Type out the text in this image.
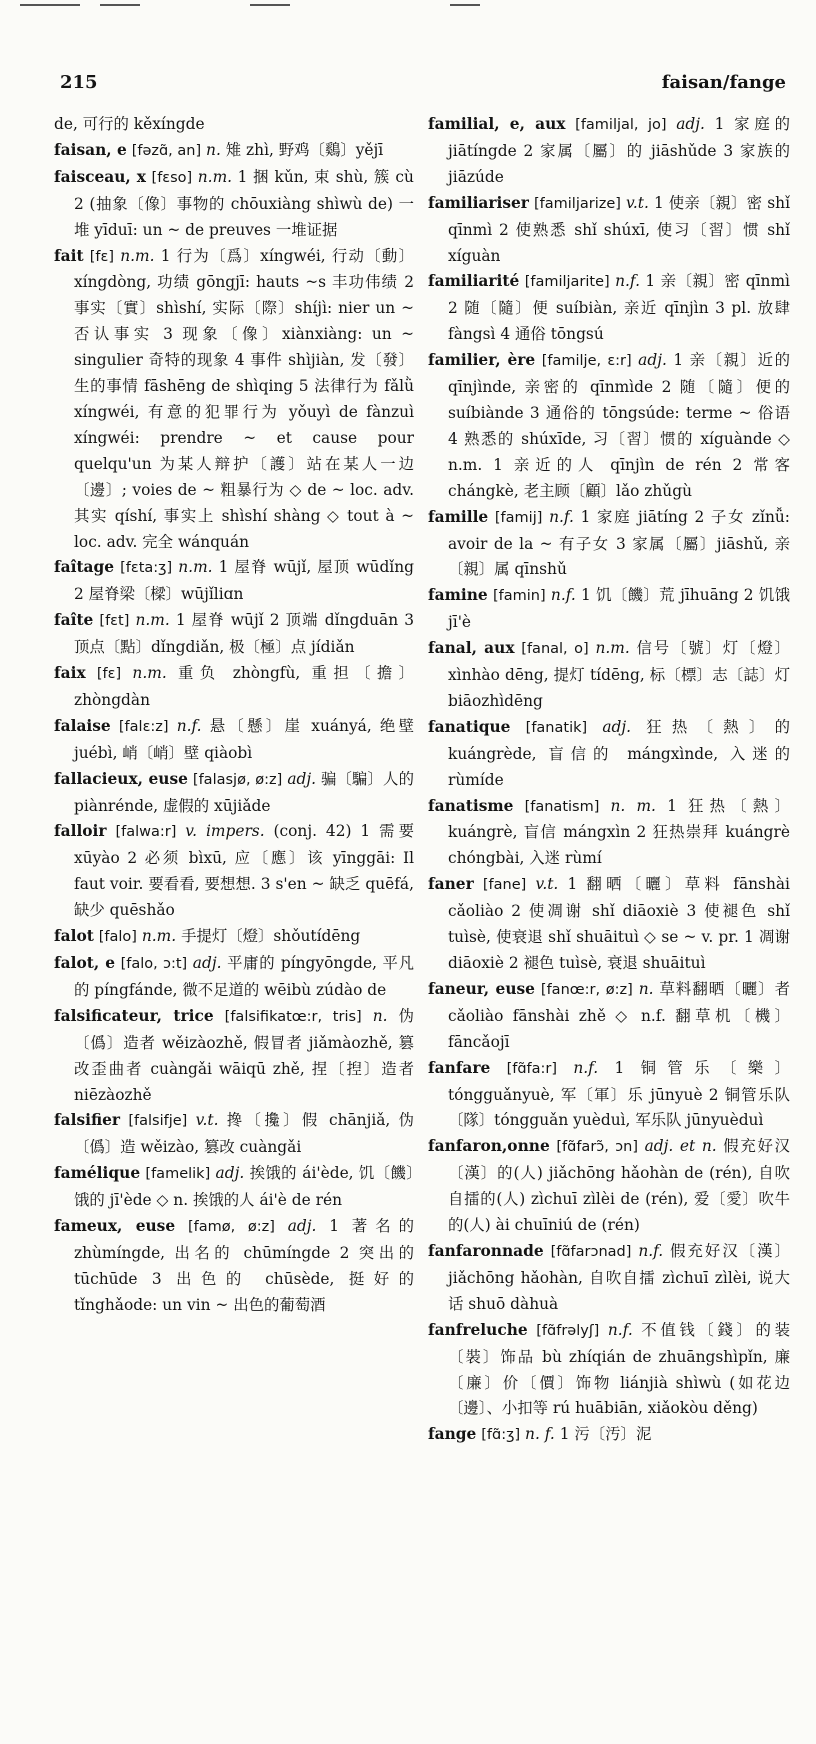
215	faisan/fange

de, 可行的 kěxíngde

faisan, e [fəzɑ̃, an] n. 雉 zhì, 野鸡〔鷄〕yějī

faisceau, x [fɛso] n.m. 1 捆 kǔn, 束 shù, 簇 cù 2 (抽象〔像〕事物的 chōuxiàng shìwù de) 一堆 yīduī: un ~ de preuves 一堆证据

fait [fɛ] n.m. 1 行为〔爲〕xíngwéi, 行动〔動〕xíngdòng, 功绩 gōngjī: hauts ~s 丰功伟绩 2 事实〔實〕shìshí, 实际〔際〕shíjì: nier un ~ 否认事实 3 现象〔像〕xiànxiàng: un ~ singulier 奇特的现象 4 事件 shìjiàn, 发〔發〕生的事情 fāshēng de shìqing 5 法律行为 fǎlǜ xíngwéi, 有意的犯罪行为 yǒuyì de fànzuì xíngwéi: prendre ~ et cause pour quelqu'un 为某人辩护〔護〕站在某人一边〔邊〕; voies de ~ 粗暴行为 ◇ de ~ loc. adv. 其实 qíshí, 事实上 shìshí shàng ◇ tout à ~ loc. adv. 完全 wánquán

faîtage [fɛta:ʒ] n.m. 1 屋脊 wūjǐ, 屋顶 wūdǐng 2 屋脊梁〔樑〕wūjǐliɑn

faîte [fɛt] n.m. 1 屋脊 wūjǐ 2 顶端 dǐngduān 3 顶点〔點〕dǐngdiǎn, 极〔極〕点 jídiǎn

faix [fɛ] n.m. 重负 zhòngfù, 重担〔擔〕zhòngdàn

falaise [falɛ:z] n.f. 悬〔懸〕崖 xuányá, 绝壁 juébì, 峭〔峭〕壁 qiàobì

fallacieux, euse [falasjø, ø:z] adj. 骗〔騙〕人的 piànrénde, 虚假的 xūjiǎde

falloir [falwa:r] v. impers. (conj. 42) 1 需要 xūyào 2 必须 bìxū, 应〔應〕该 yīnggāi: Il faut voir. 要看看, 要想想. 3 s'en ~ 缺乏 quēfá, 缺少 quēshǎo

falot [falo] n.m. 手提灯〔燈〕shǒutídēng

falot, e [falo, ɔ:t] adj. 平庸的 píngyōngde, 平凡的 píngfánde, 微不足道的 wēibù zúdào de

falsificateur, trice [falsifikatœ:r, tris] n. 伪〔僞〕造者 wěizàozhě, 假冒者 jiǎmàozhě, 篡改歪曲者 cuàngǎi wāiqū zhě, 捏〔揑〕造者 niēzàozhě

falsifier [falsifje] v.t. 搀〔攙〕假 chānjiǎ, 伪〔僞〕造 wěizào, 篡改 cuàngǎi

famélique [famelik] adj. 挨饿的 ái'ède, 饥〔饑〕饿的 jī'ède ◇ n. 挨饿的人 ái'è de rén

fameux, euse [famø, ø:z] adj. 1 著名的 zhùmíngde, 出名的 chūmíngde 2 突出的 tūchūde 3 出色的 chūsède, 挺好的 tǐnghǎode: un vin ~ 出色的葡萄酒

familial, e, aux [familjal, jo] adj. 1 家庭的 jiātíngde 2 家属〔屬〕的 jiāshǔde 3 家族的 jiāzúde

familiariser [familjarize] v.t. 1 使亲〔親〕密 shǐ qīnmì 2 使熟悉 shǐ shúxī, 使习〔習〕惯 shǐ xíguàn

familiarité [familjarite] n.f. 1 亲〔親〕密 qīnmì 2 随〔隨〕便 suíbiàn, 亲近 qīnjìn 3 pl. 放肆 fàngsì 4 通俗 tōngsú

familier, ère [familje, ɛ:r] adj. 1 亲〔親〕近的 qīnjìnde, 亲密的 qīnmìde 2 随〔隨〕便的 suíbiànde 3 通俗的 tōngsúde: terme ~ 俗语 4 熟悉的 shúxīde, 习〔習〕惯的 xíguànde ◇ n.m. 1 亲近的人 qīnjìn de rén 2 常客 chángkè, 老主顾〔顧〕lǎo zhǔgù

famille [famij] n.f. 1 家庭 jiātíng 2 子女 zǐnǚ: avoir de la ~ 有子女 3 家属〔屬〕jiāshǔ, 亲〔親〕属 qīnshǔ

famine [famin] n.f. 1 饥〔饑〕荒 jīhuāng 2 饥饿 jī'è

fanal, aux [fanal, o] n.m. 信号〔號〕灯〔燈〕xìnhào dēng, 提灯 tídēng, 标〔標〕志〔誌〕灯 biāozhìdēng

fanatique [fanatik] adj. 狂热〔熱〕的 kuángrède, 盲信的 mángxìnde, 入迷的 rùmíde

fanatisme [fanatism] n. m. 1 狂热〔熱〕kuángrè, 盲信 mángxìn 2 狂热崇拜 kuángrè chóngbài, 入迷 rùmí

faner [fane] v.t. 1 翻晒〔曬〕草料 fānshài cǎoliào 2 使凋谢 shǐ diāoxiè 3 使褪色 shǐ tuìsè, 使衰退 shǐ shuāituì ◇ se ~ v. pr. 1 凋谢 diāoxiè 2 褪色 tuìsè, 衰退 shuāituì

faneur, euse [fanœ:r, ø:z] n. 草料翻晒〔曬〕者 cǎoliào fānshài zhě ◇ n.f. 翻草机〔機〕fāncǎojī

fanfare [fɑ̃fa:r] n.f. 1 铜管乐〔樂〕tóngguǎnyuè, 军〔軍〕乐 jūnyuè 2 铜管乐队〔隊〕tóngguǎn yuèduì, 军乐队 jūnyuèduì

fanfaron,onne [fɑ̃farɔ̃, ɔn] adj. et n. 假充好汉〔漢〕的(人) jiǎchōng hǎohàn de (rén), 自吹自擂的(人) zìchuī zìlèi de (rén), 爱〔愛〕吹牛的(人) ài chuīniú de (rén)

fanfaronnade [fɑ̃farɔnad] n.f. 假充好汉〔漢〕jiǎchōng hǎohàn, 自吹自擂 zìchuī zìlèi, 说大话 shuō dàhuà

fanfreluche [fɑ̃frəlyʃ] n.f. 不值钱〔錢〕的装〔裝〕饰品 bù zhíqián de zhuāngshìpǐn, 廉〔廉〕价〔價〕饰物 liánjià shìwù (如花边〔邊〕、小扣等 rú huābiān, xiǎokòu děng)

fange [fɑ̃:ʒ] n. f. 1 污〔汚〕泥
